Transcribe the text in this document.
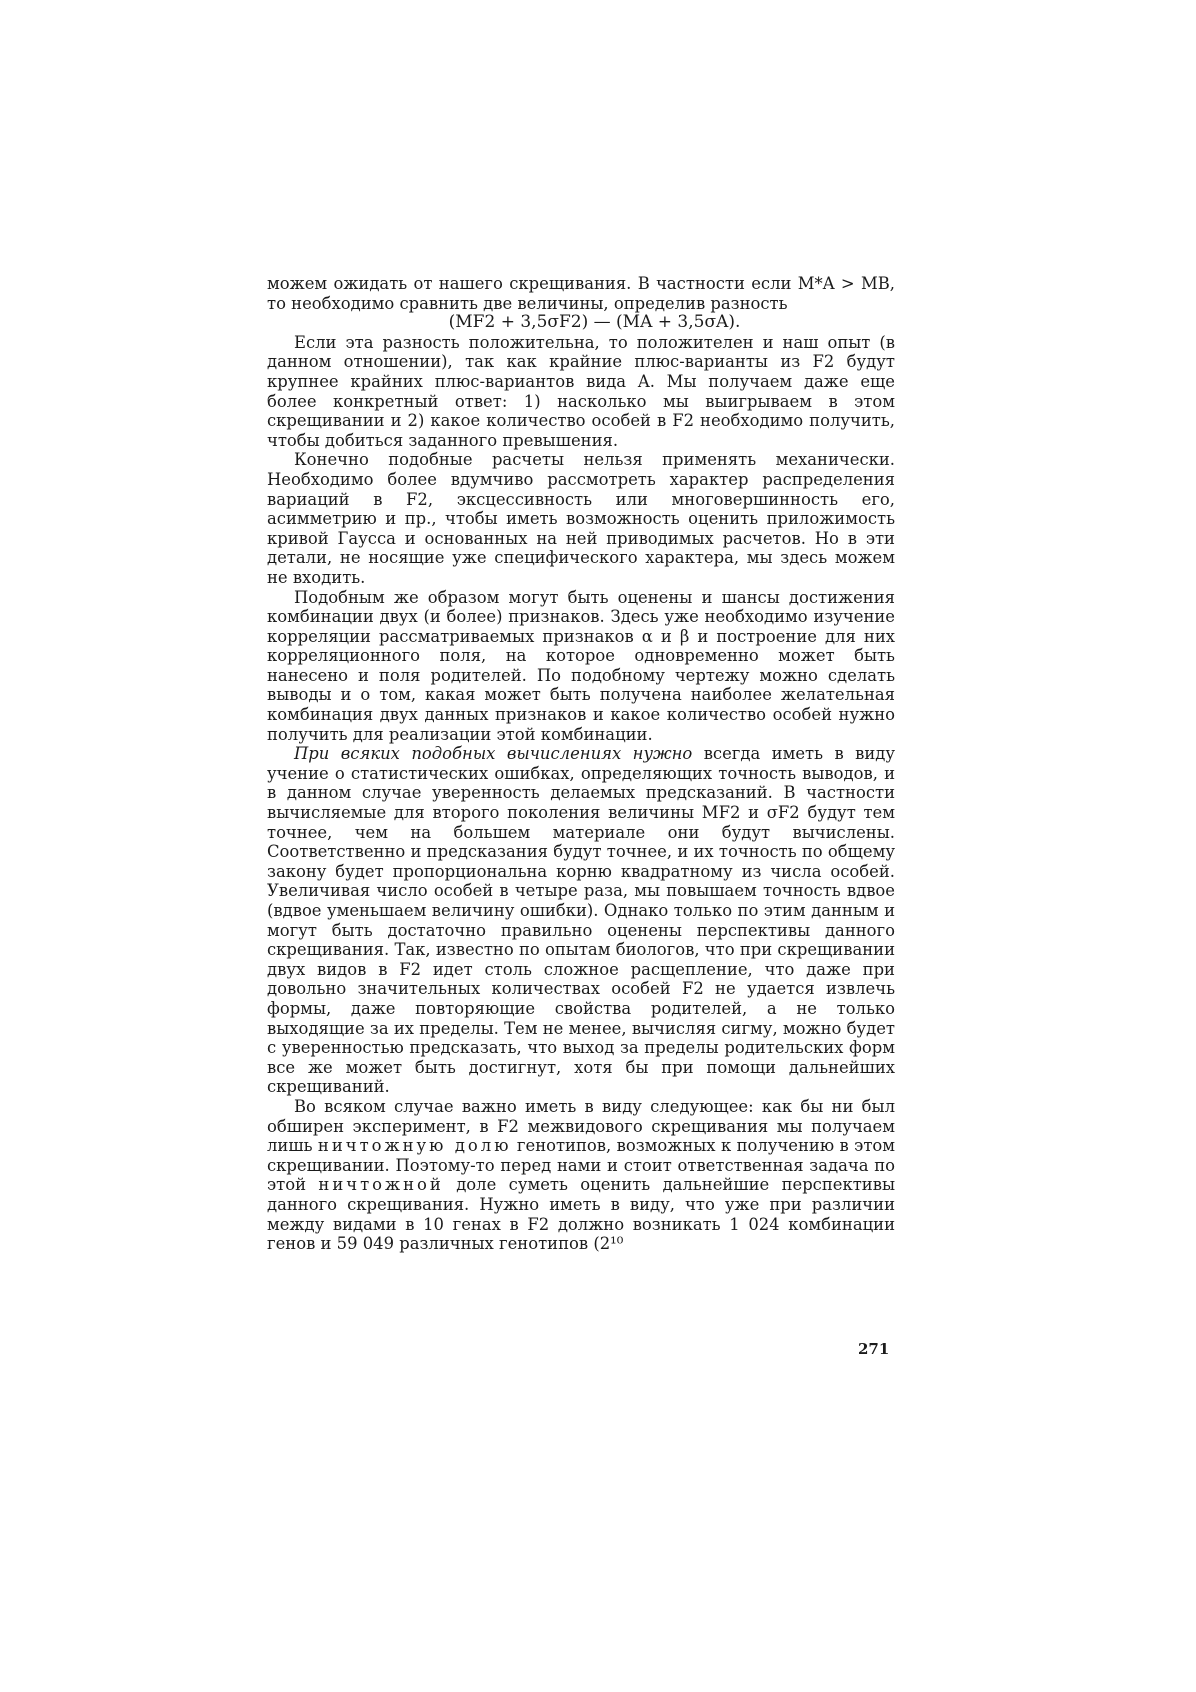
можем ожидать от нашего скрещивания. В частности если M*A > MB, то необходимо сравнить две величины, определив разность

(MF2 + 3,5σF2) — (MA + 3,5σA).

Если эта разность положительна, то положителен и наш опыт (в данном отношении), так как крайние плюс-варианты из F2 будут крупнее крайних плюс-вариантов вида A. Мы получаем даже еще более конкретный ответ: 1) насколько мы выигрываем в этом скрещивании и 2) какое количество особей в F2 необходимо получить, чтобы добиться заданного превышения.

Конечно подобные расчеты нельзя применять механически. Необходимо более вдумчиво рассмотреть характер распределения вариаций в F2, эксцессивность или многовершинность его, асимметрию и пр., чтобы иметь возможность оценить приложимость кривой Гаусса и основанных на ней приводимых расчетов. Но в эти детали, не носящие уже специфического характера, мы здесь можем не входить.

Подобным же образом могут быть оценены и шансы достижения комбинации двух (и более) признаков. Здесь уже необходимо изучение корреляции рассматриваемых признаков α и β и построение для них корреляционного поля, на которое одновременно может быть нанесено и поля родителей. По подобному чертежу можно сделать выводы и о том, какая может быть получена наиболее желательная комбинация двух данных признаков и какое количество особей нужно получить для реализации этой комбинации.

При всяких подобных вычислениях нужно всегда иметь в виду учение о статистических ошибках, определяющих точность выводов, и в данном случае уверенность делаемых предсказаний. В частности вычисляемые для второго поколения величины MF2 и σF2 будут тем точнее, чем на большем материале они будут вычислены. Соответственно и предсказания будут точнее, и их точность по общему закону будет пропорциональна корню квадратному из числа особей. Увеличивая число особей в четыре раза, мы повышаем точность вдвое (вдвое уменьшаем величину ошибки). Однако только по этим данным и могут быть достаточно правильно оценены перспективы данного скрещивания. Так, известно по опытам биологов, что при скрещивании двух видов в F2 идет столь сложное расщепление, что даже при довольно значительных количествах особей F2 не удается извлечь формы, даже повторяющие свойства родителей, а не только выходящие за их пределы. Тем не менее, вычисляя сигму, можно будет с уверенностью предсказать, что выход за пределы родительских форм все же может быть достигнут, хотя бы при помощи дальнейших скрещиваний.

Во всяком случае важно иметь в виду следующее: как бы ни был обширен эксперимент, в F2 межвидового скрещивания мы получаем лишь ничтожную долю генотипов, возможных к получению в этом скрещивании. Поэтому-то перед нами и стоит ответственная задача по этой ничтожной доле суметь оценить дальнейшие перспективы данного скрещивания. Нужно иметь в виду, что уже при различии между видами в 10 генах в F2 должно возникать 1 024 комбинации генов и 59 049 различных генотипов (2¹⁰

271
